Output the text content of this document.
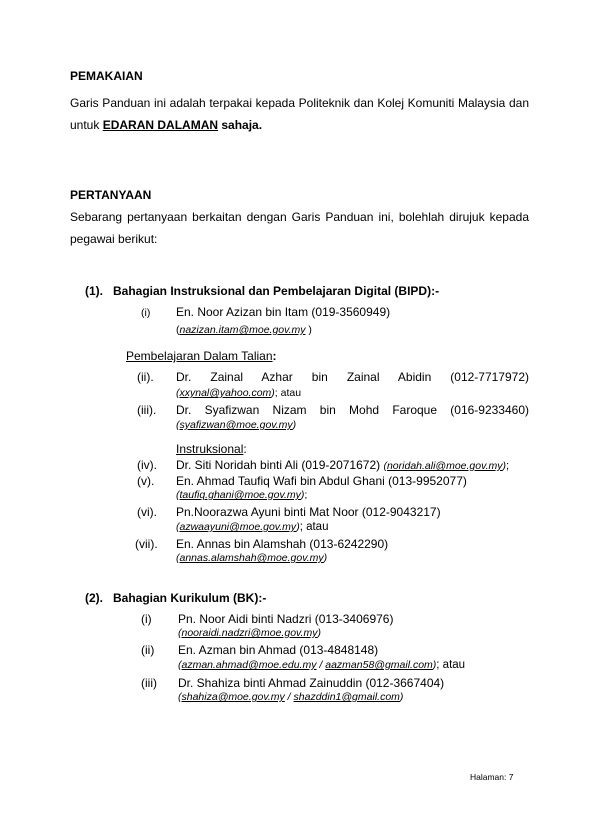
PEMAKAIAN
Garis Panduan ini adalah terpakai kepada Politeknik dan Kolej Komuniti Malaysia dan
untuk EDARAN DALAMAN sahaja.
PERTANYAAN
Sebarang pertanyaan berkaitan dengan Garis Panduan ini, bolehlah dirujuk kepada
pegawai berikut:
(1). Bahagian Instruksional dan Pembelajaran Digital (BIPD):-
(i) En. Noor Azizan bin Itam (019-3560949)
(nazizan.itam@moe.gov.my )
Pembelajaran Dalam Talian:
(ii). Dr. Zainal Azhar bin Zainal Abidin (012-7717972)
(xxynal@yahoo.com); atau
(iii). Dr. Syafizwan Nizam bin Mohd Faroque (016-9233460)
(syafizwan@moe.gov.my)
Instruksional:
(iv). Dr. Siti Noridah binti Ali (019-2071672) (noridah.ali@moe.gov.my);
(v). En. Ahmad Taufiq Wafi bin Abdul Ghani (013-9952077)
(taufiq.ghani@moe.gov.my);
(vi). Pn.Noorazwa Ayuni binti Mat Noor (012-9043217)
(azwaayuni@moe.gov.my); atau
(vii). En. Annas bin Alamshah (013-6242290)
(annas.alamshah@moe.gov.my)
(2). Bahagian Kurikulum (BK):-
(i) Pn. Noor Aidi binti Nadzri (013-3406976)
(nooraidi.nadzri@moe.gov.my)
(ii) En. Azman bin Ahmad (013-4848148)
(azman.ahmad@moe.edu.my / aazman58@gmail.com); atau
(iii) Dr. Shahiza binti Ahmad Zainuddin (012-3667404)
(shahiza@moe.gov.my / shazddin1@gmail.com)
Halaman: 7
